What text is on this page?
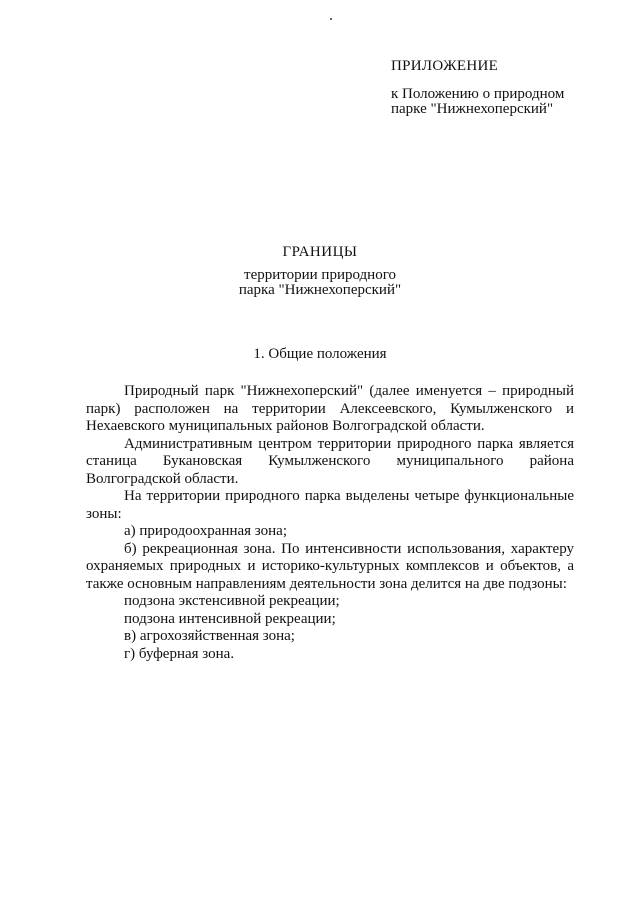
ПРИЛОЖЕНИЕ
к Положению о природном
парке "Нижнехоперский"
ГРАНИЦЫ
территории природного
парка "Нижнехоперский"
1. Общие положения

Природный парк "Нижнехоперский" (далее именуется – природный парк) расположен на территории Алексеевского, Кумылженского и Нехаевского муниципальных районов Волгоградской области.

Административным центром территории природного парка является станица Букановская Кумылженского муниципального района Волгоградской области.

На территории природного парка выделены четыре функциональные зоны:

а) природоохранная зона;

б) рекреационная зона. По интенсивности использования, характеру охраняемых природных и историко-культурных комплексов и объектов, а также основным направлениям деятельности зона делится на две подзоны:

подзона экстенсивной рекреации;

подзона интенсивной рекреации;

в) агрохозяйственная зона;

г) буферная зона.
